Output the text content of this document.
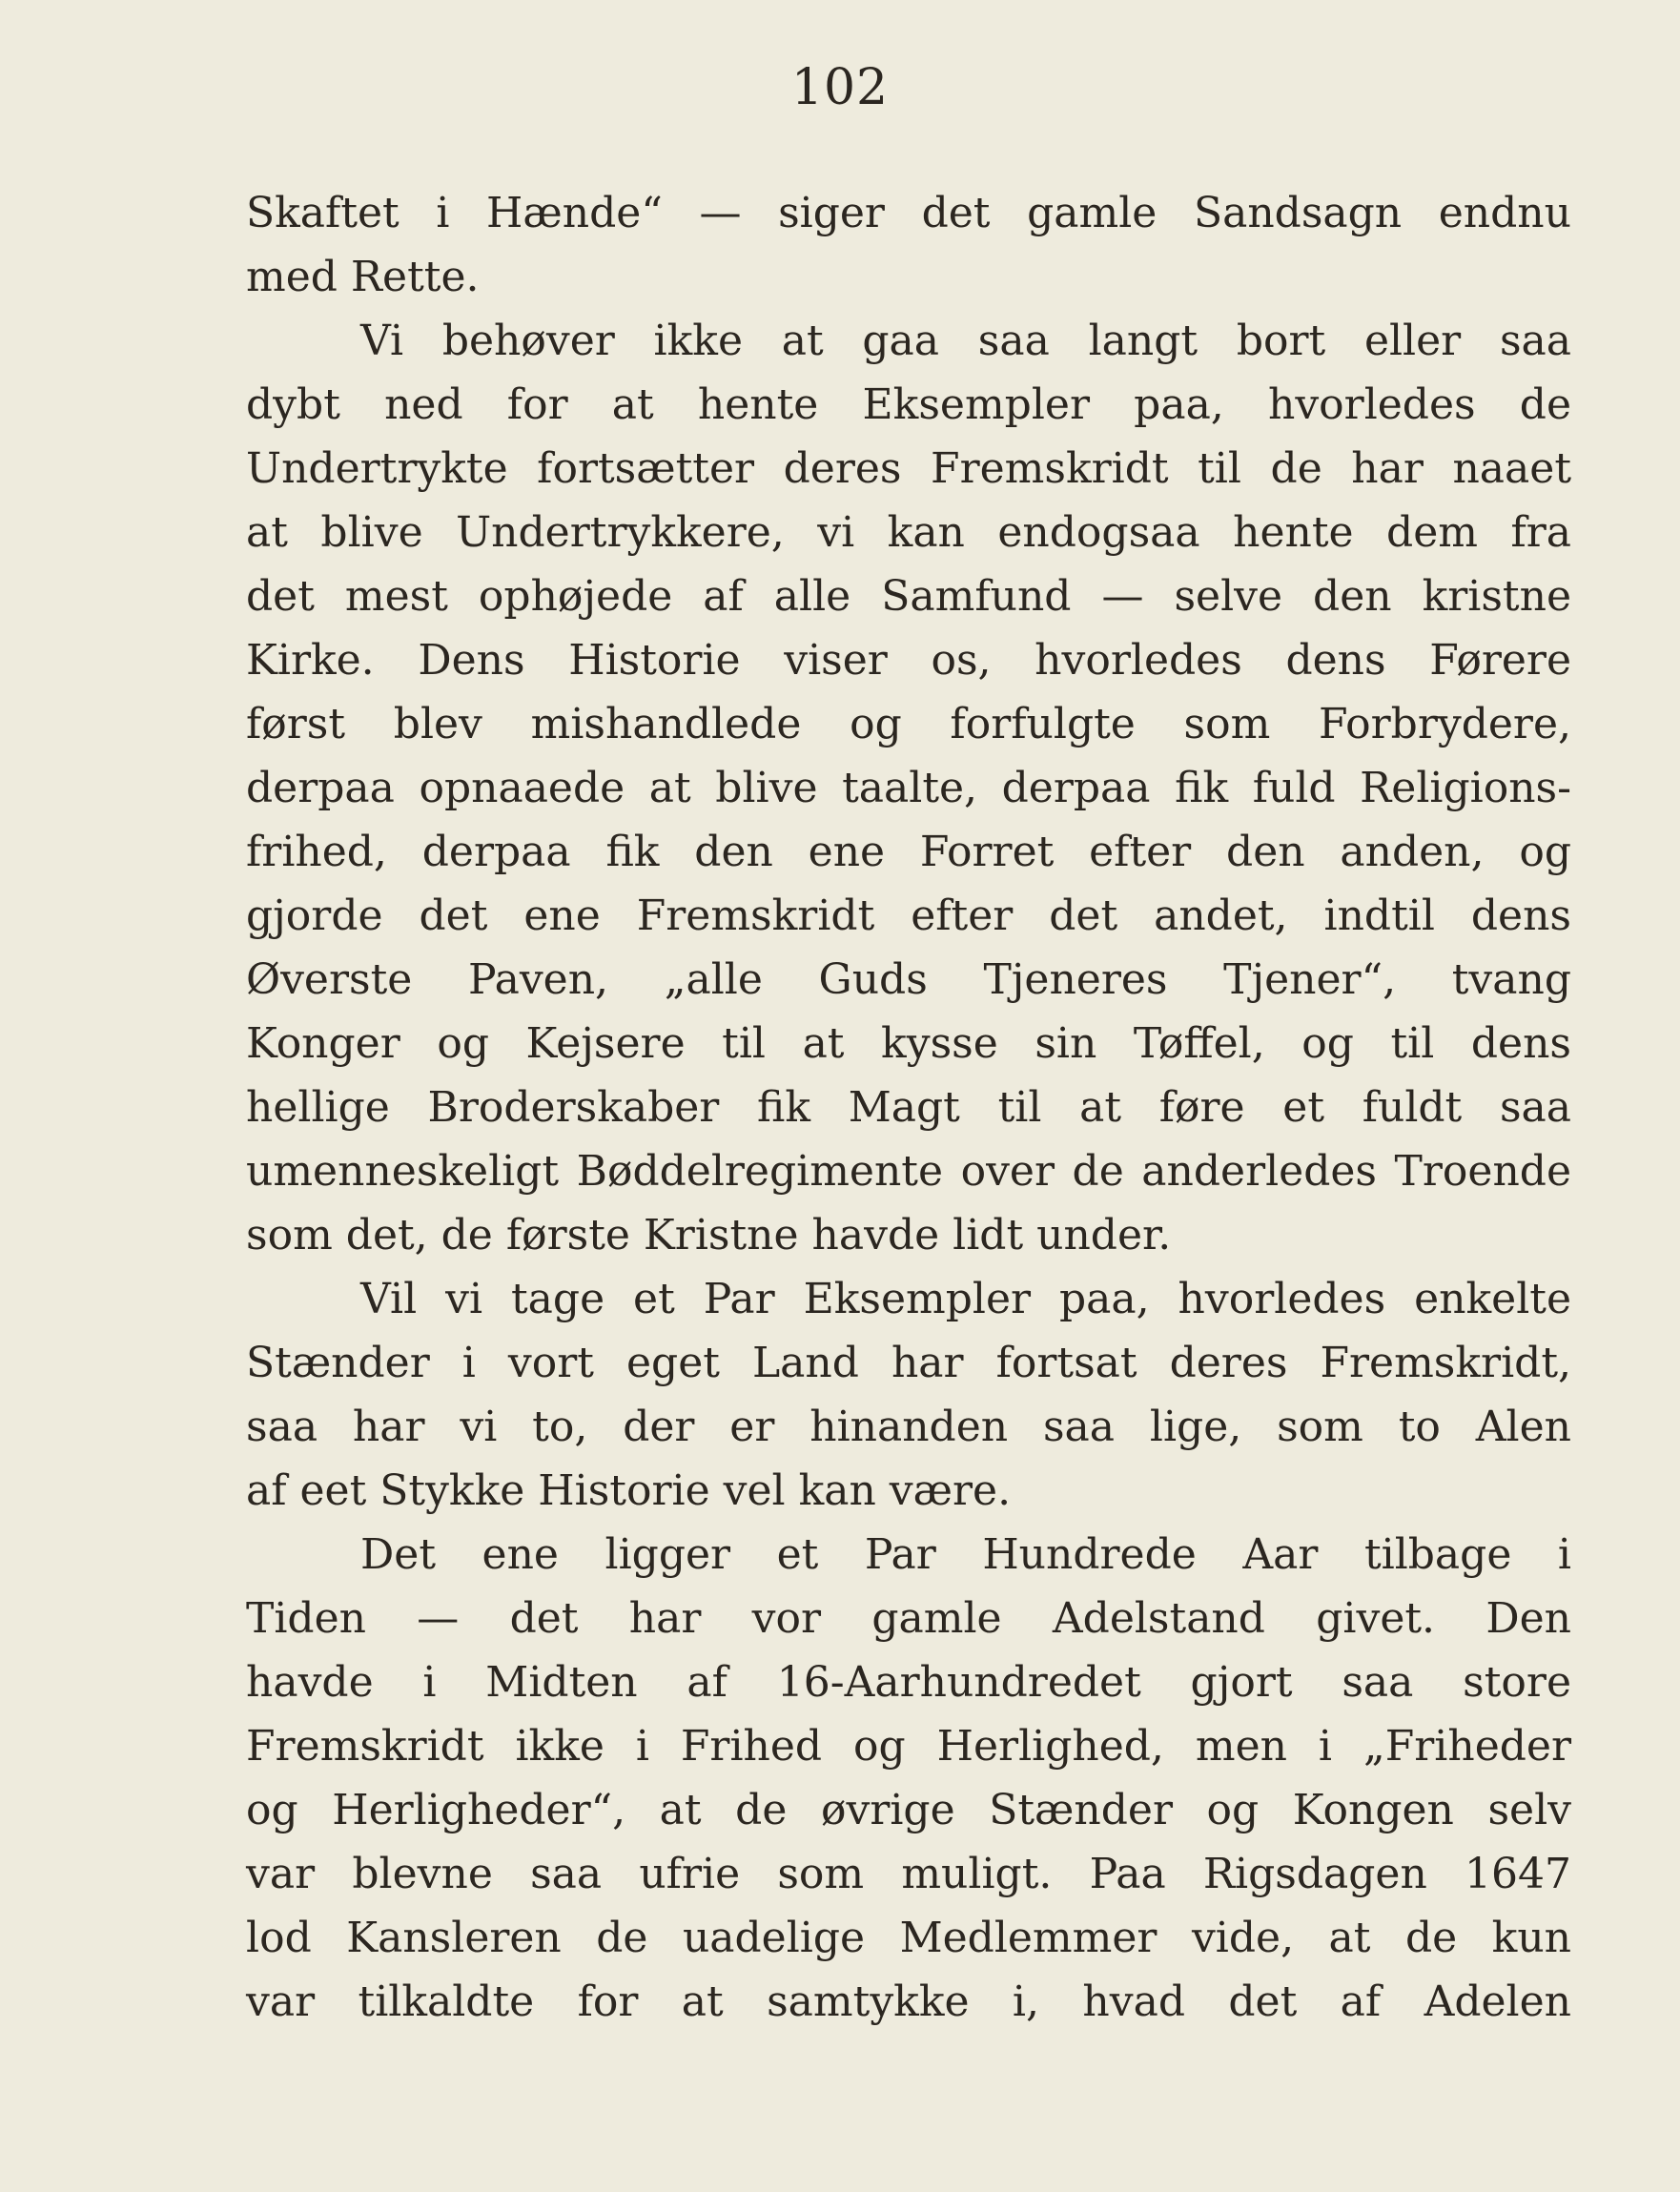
102
Skaftet i Hænde“ — siger det gamle Sandsagn endnu
med Rette.
Vi behøver ikke at gaa saa langt bort eller saa
dybt ned for at hente Eksempler paa, hvorledes de
Undertrykte fortsætter deres Fremskridt til de har naaet
at blive Undertrykkere, vi kan endogsaa hente dem fra
det mest ophøjede af alle Samfund — selve den kristne
Kirke. Dens Historie viser os, hvorledes dens Førere
først blev mishandlede og forfulgte som Forbrydere,
derpaa opnaaede at blive taalte, derpaa fik fuld Religions-
frihed, derpaa fik den ene Forret efter den anden, og
gjorde det ene Fremskridt efter det andet, indtil dens
Øverste Paven, „alle Guds Tjeneres Tjener“, tvang
Konger og Kejsere til at kysse sin Tøffel, og til dens
hellige Broderskaber fik Magt til at føre et fuldt saa
umenneskeligt Bøddelregimente over de anderledes Troende
som det, de første Kristne havde lidt under.
Vil vi tage et Par Eksempler paa, hvorledes enkelte
Stænder i vort eget Land har fortsat deres Fremskridt,
saa har vi to, der er hinanden saa lige, som to Alen
af eet Stykke Historie vel kan være.
Det ene ligger et Par Hundrede Aar tilbage i
Tiden — det har vor gamle Adelstand givet. Den
havde i Midten af 16-Aarhundredet gjort saa store
Fremskridt ikke i Frihed og Herlighed, men i „Friheder
og Herligheder“, at de øvrige Stænder og Kongen selv
var blevne saa ufrie som muligt. Paa Rigsdagen 1647
lod Kansleren de uadelige Medlemmer vide, at de kun
var tilkaldte for at samtykke i, hvad det af Adelen
